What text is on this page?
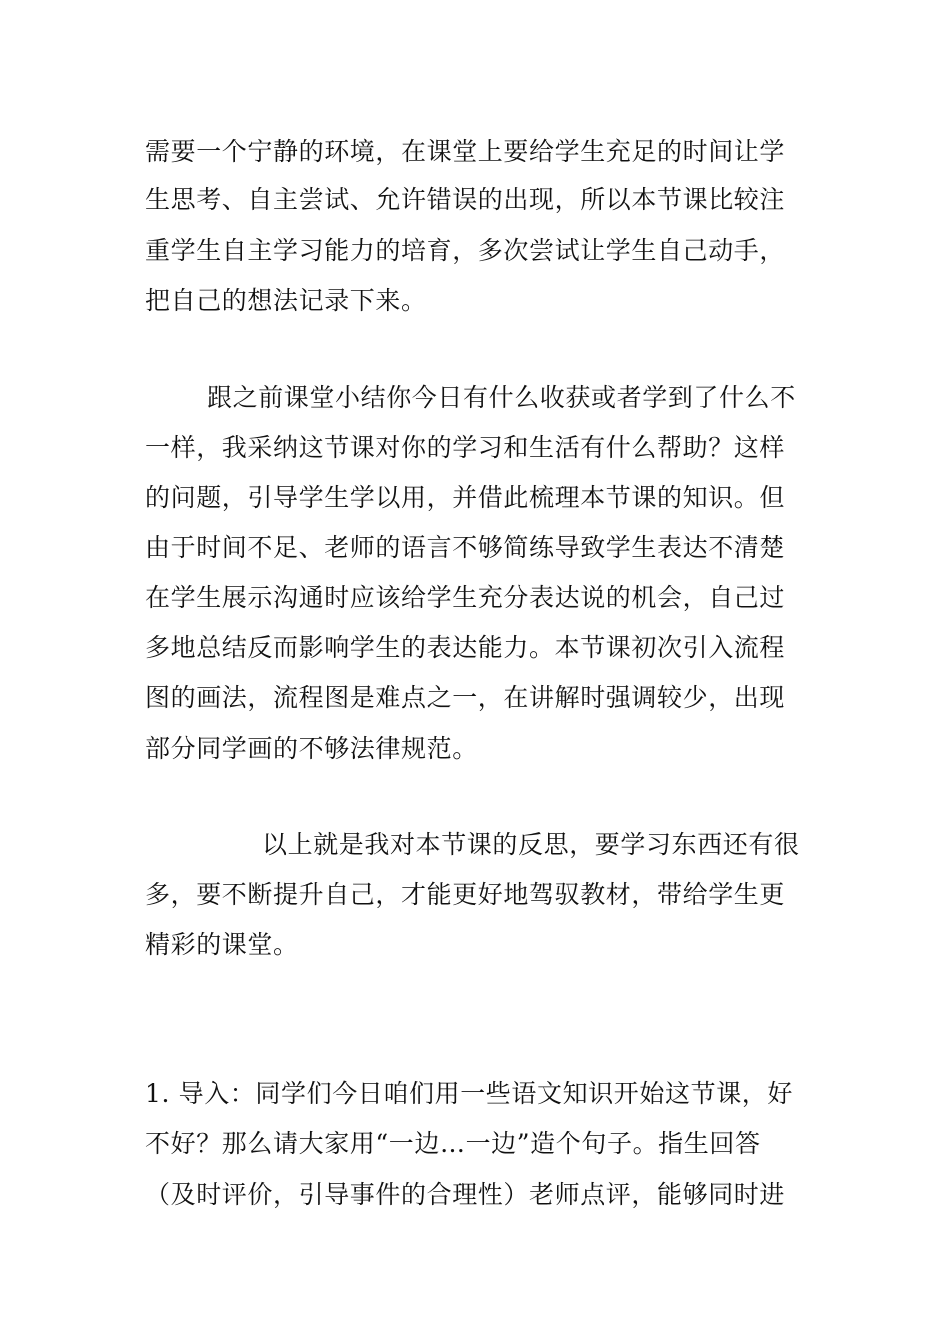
需要一个宁静的环境，在课堂上要给学生充足的时间让学
生思考、自主尝试、允许错误的出现，所以本节课比较注
重学生自主学习能力的培育，多次尝试让学生自己动手，
把自己的想法记录下来。
跟之前课堂小结你今日有什么收获或者学到了什么不
一样，我采纳这节课对你的学习和生活有什么帮助？这样
的问题，引导学生学以用，并借此梳理本节课的知识。但
由于时间不足、老师的语言不够简练导致学生表达不清楚
在学生展示沟通时应该给学生充分表达说的机会，自己过
多地总结反而影响学生的表达能力。本节课初次引入流程
图的画法，流程图是难点之一，在讲解时强调较少，出现
部分同学画的不够法律规范。
以上就是我对本节课的反思，要学习东西还有很
多，要不断提升自己，才能更好地驾驭教材，带给学生更
精彩的课堂。
1. 导入：同学们今日咱们用一些语文知识开始这节课，好
不好？那么请大家用“一边…一边”造个句子。指生回答
（及时评价，引导事件的合理性）老师点评，能够同时进
